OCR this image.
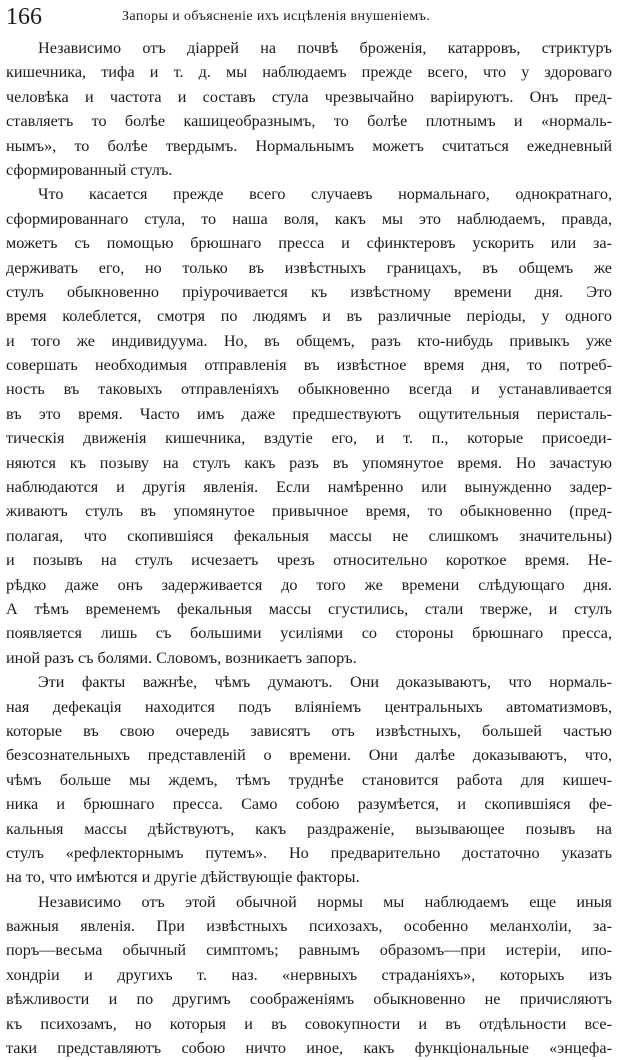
166	Запоры и объясненіе ихъ исцѣленія внушеніемъ.
Независимо отъ діаррей на почвѣ броженія, катарровъ, стриктуръ
кишечника, тифа и т. д. мы наблюдаемъ прежде всего, что у здороваго
человѣка и частота и составъ стула чрезвычайно варіируютъ. Онъ пред-
ставляетъ то болѣе кашицеобразнымъ, то болѣе плотнымъ и «нормаль-
нымъ», то болѣе твердымъ. Нормальнымъ можетъ считаться ежедневный
сформированный стулъ.
Что касается прежде всего случаевъ нормальнаго, однократнаго,
сформированнаго стула, то наша воля, какъ мы это наблюдаемъ, правда,
можетъ съ помощью брюшнаго пресса и сфинктеровъ ускорить или за-
держивать его, но только въ извѣстныхъ границахъ, въ общемъ же
стулъ обыкновенно пріурочивается къ извѣстному времени дня. Это
время колеблется, смотря по людямъ и въ различные періоды, у одного
и того же индивидуума. Но, въ общемъ, разъ кто-нибудь привыкъ уже
совершать необходимыя отправленія въ извѣстное время дня, то потреб-
ность въ таковыхъ отправленіяхъ обыкновенно всегда и устанавливается
въ это время. Часто имъ даже предшествуютъ ощутительныя перисталь-
тическія движенія кишечника, вздутіе его, и т. п., которые присоеди-
няются къ позыву на стулъ какъ разъ въ упомянутое время. Но зачастую
наблюдаются и другія явленія. Если намѣренно или вынужденно задер-
живаютъ стулъ въ упомянутое привычное время, то обыкновенно (пред-
полагая, что скопившіяся фекальныя массы не слишкомъ значительны)
и позывъ на стулъ исчезаетъ чрезъ относительно короткое время. Не-
рѣдко даже онъ задерживается до того же времени слѣдующаго дня.
А тѣмъ временемъ фекальныя массы сгустились, стали тверже, и стулъ
появляется лишь съ большими усиліями со стороны брюшнаго пресса,
иной разъ съ болями. Словомъ, возникаетъ запоръ.
Эти факты важнѣе, чѣмъ думаютъ. Они доказываютъ, что нормаль-
ная дефекація находится подъ вліяніемъ центральныхъ автоматизмовъ,
которые въ свою очередь зависятъ отъ извѣстныхъ, большей частью
безсознательныхъ представленій о времени. Они далѣе доказываютъ, что,
чѣмъ больше мы ждемъ, тѣмъ труднѣе становится работа для кишеч-
ника и брюшнаго пресса. Само собою разумѣется, и скопившіяся фе-
кальныя массы дѣйствуютъ, какъ раздраженіе, вызывающее позывъ на
стулъ «рефлекторнымъ путемъ». Но предварительно достаточно указать
на то, что имѣются и другіе дѣйствующіе факторы.
Независимо отъ этой обычной нормы мы наблюдаемъ еще иныя
важныя явленія. При извѣстныхъ психозахъ, особенно меланхоліи, за-
поръ—весьма обычный симптомъ; равнымъ образомъ—при истеріи, ипо-
хондріи и другихъ т. наз. «нервныхъ страданіяхъ», которыхъ изъ
вѣжливости и по другимъ соображеніямъ обыкновенно не причисляютъ
къ психозамъ, но которыя и въ совокупности и въ отдѣльности все-
таки представляютъ собою ничто иное, какъ функціональные «энцефа-
